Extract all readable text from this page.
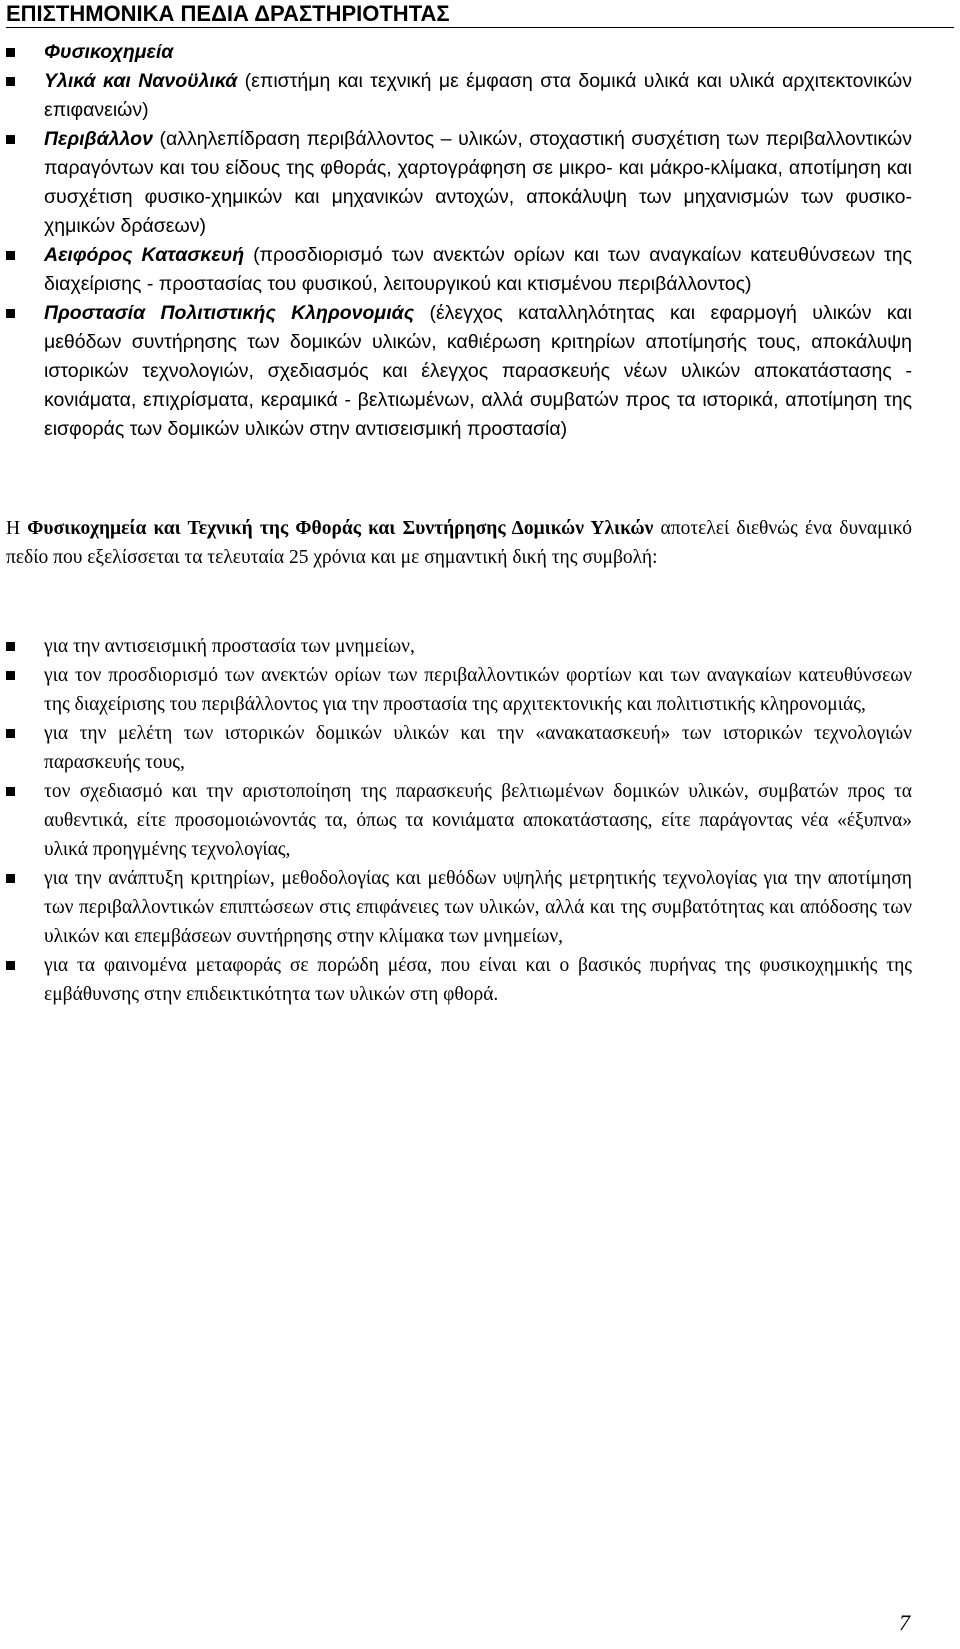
ΕΠΙΣΤΗΜΟΝΙΚΑ ΠΕΔΙΑ ΔΡΑΣΤΗΡΙΟΤΗΤΑΣ
Φυσικοχημεία
Υλικά και Νανοϋλικά (επιστήμη και τεχνική με έμφαση στα δομικά υλικά και υλικά αρχιτεκτονικών επιφανειών)
Περιβάλλον (αλληλεπίδραση περιβάλλοντος – υλικών, στοχαστική συσχέτιση των περιβαλλοντικών παραγόντων και του είδους της φθοράς, χαρτογράφηση σε μικρο- και μάκρο-κλίμακα, αποτίμηση και συσχέτιση φυσικο-χημικών και μηχανικών αντοχών, αποκάλυψη των μηχανισμών των φυσικο-χημικών δράσεων)
Αειφόρος Κατασκευή (προσδιορισμό των ανεκτών ορίων και των αναγκαίων κατευθύνσεων της διαχείρισης - προστασίας του φυσικού, λειτουργικού και κτισμένου περιβάλλοντος)
Προστασία Πολιτιστικής Κληρονομιάς (έλεγχος καταλληλότητας και εφαρμογή υλικών και μεθόδων συντήρησης των δομικών υλικών, καθιέρωση κριτηρίων αποτίμησής τους, αποκάλυψη ιστορικών τεχνολογιών, σχεδιασμός και έλεγχος παρασκευής νέων υλικών αποκατάστασης - κονιάματα, επιχρίσματα, κεραμικά - βελτιωμένων, αλλά συμβατών προς τα ιστορικά, αποτίμηση της εισφοράς των δομικών υλικών στην αντισεισμική προστασία)

Η Φυσικοχημεία και Τεχνική της Φθοράς και Συντήρησης Δομικών Υλικών αποτελεί διεθνώς ένα δυναμικό πεδίο που εξελίσσεται τα τελευταία 25 χρόνια και με σημαντική δική της συμβολή:

για την αντισεισμική προστασία των μνημείων,
για τον προσδιορισμό των ανεκτών ορίων των περιβαλλοντικών φορτίων και των αναγκαίων κατευθύνσεων της διαχείρισης του περιβάλλοντος για την προστασία της αρχιτεκτονικής και πολιτιστικής κληρονομιάς,
για την μελέτη των ιστορικών δομικών υλικών και την «ανακατασκευή» των ιστορικών τεχνολογιών παρασκευής τους,
τον σχεδιασμό και την αριστοποίηση της παρασκευής βελτιωμένων δομικών υλικών, συμβατών προς τα αυθεντικά, είτε προσομοιώνοντάς τα, όπως τα κονιάματα αποκατάστασης, είτε παράγοντας νέα «έξυπνα» υλικά προηγμένης τεχνολογίας,
για την ανάπτυξη κριτηρίων, μεθοδολογίας και μεθόδων υψηλής μετρητικής τεχνολογίας για την αποτίμηση των περιβαλλοντικών επιπτώσεων στις επιφάνειες των υλικών, αλλά και της συμβατότητας και απόδοσης των υλικών και επεμβάσεων συντήρησης στην κλίμακα των μνημείων,
για τα φαινομένα μεταφοράς σε πορώδη μέσα, που είναι και ο βασικός πυρήνας της φυσικοχημικής της εμβάθυνσης στην επιδεικτικότητα των υλικών στη φθορά.
7
